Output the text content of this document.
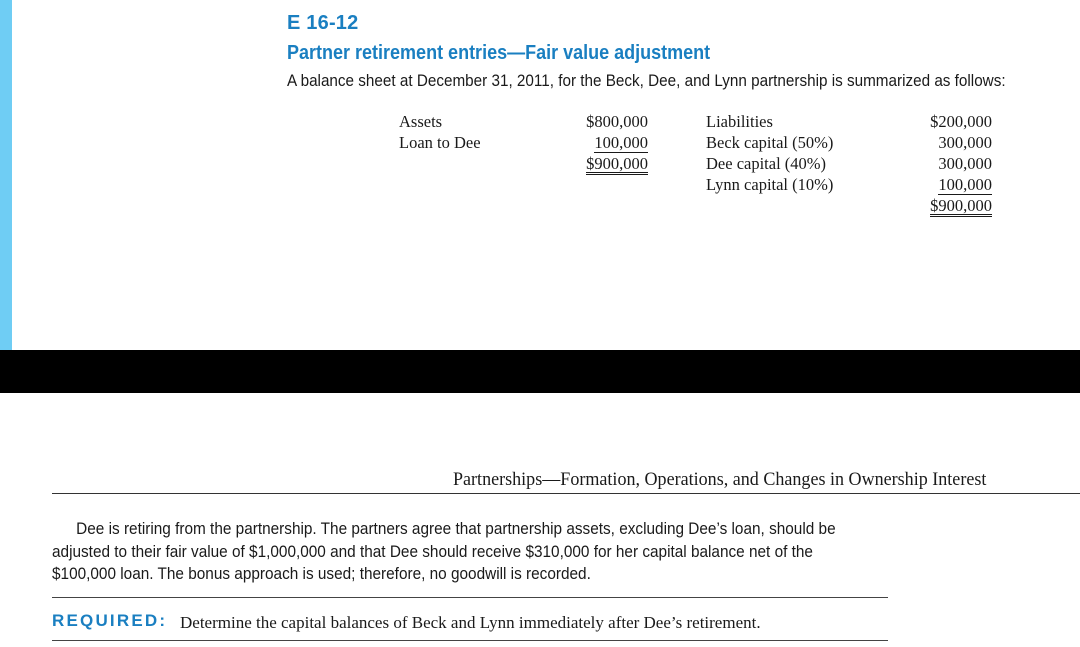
E 16-12
Partner retirement entries—Fair value adjustment
A balance sheet at December 31, 2011, for the Beck, Dee, and Lynn partnership is summarized as follows:
Assets
Loan to Dee
$800,000
100,000
$900,000
Liabilities
Beck capital (50%)
Dee capital (40%)
Lynn capital (10%)
$200,000
300,000
300,000
100,000
$900,000
Partnerships—Formation, Operations, and Changes in Ownership Interest
Dee is retiring from the partnership. The partners agree that partnership assets, excluding Dee’s loan, should be adjusted to their fair value of $1,000,000 and that Dee should receive $310,000 for her capital balance net of the $100,000 loan. The bonus approach is used; therefore, no goodwill is recorded.
REQUIRED: Determine the capital balances of Beck and Lynn immediately after Dee’s retirement.
